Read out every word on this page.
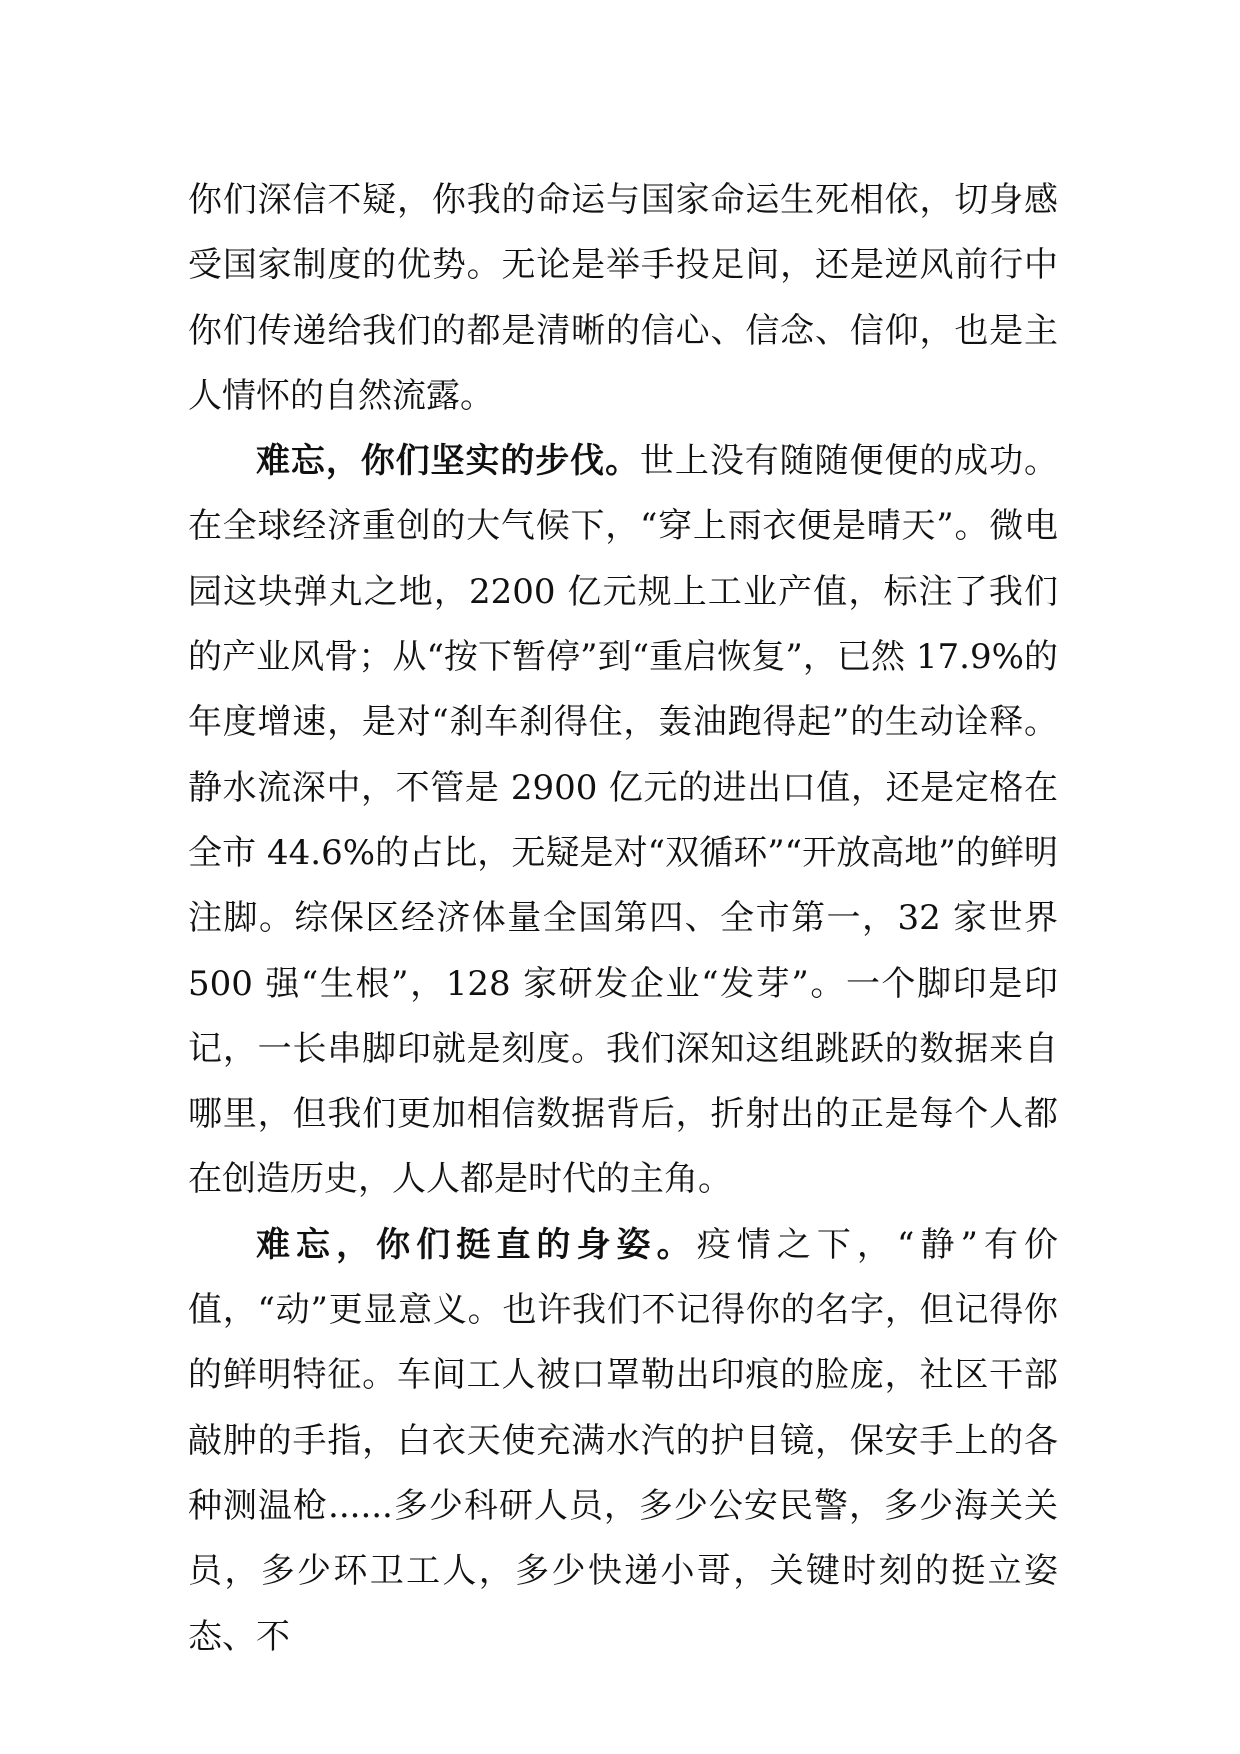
你们深信不疑，你我的命运与国家命运生死相依，切身感受国家制度的优势。无论是举手投足间，还是逆风前行中你们传递给我们的都是清晰的信心、信念、信仰，也是主人情怀的自然流露。

难忘，你们坚实的步伐。世上没有随随便便的成功。在全球经济重创的大气候下，“穿上雨衣便是晴天”。微电园这块弹丸之地，2200 亿元规上工业产值，标注了我们的产业风骨；从“按下暂停”到“重启恢复”，已然 17.9%的年度增速，是对“刹车刹得住，轰油跑得起”的生动诠释。静水流深中，不管是 2900 亿元的进出口值，还是定格在全市 44.6%的占比，无疑是对“双循环”“开放高地”的鲜明注脚。综保区经济体量全国第四、全市第一，32 家世界 500 强“生根”，128 家研发企业“发芽”。一个脚印是印记，一长串脚印就是刻度。我们深知这组跳跃的数据来自哪里，但我们更加相信数据背后，折射出的正是每个人都在创造历史，人人都是时代的主角。

难忘，你们挺直的身姿。疫情之下，“静”有价值，“动”更显意义。也许我们不记得你的名字，但记得你的鲜明特征。车间工人被口罩勒出印痕的脸庞，社区干部敲肿的手指，白衣天使充满水汽的护目镜，保安手上的各种测温枪......多少科研人员，多少公安民警，多少海关关员，多少环卫工人，多少快递小哥，关键时刻的挺立姿态、不
